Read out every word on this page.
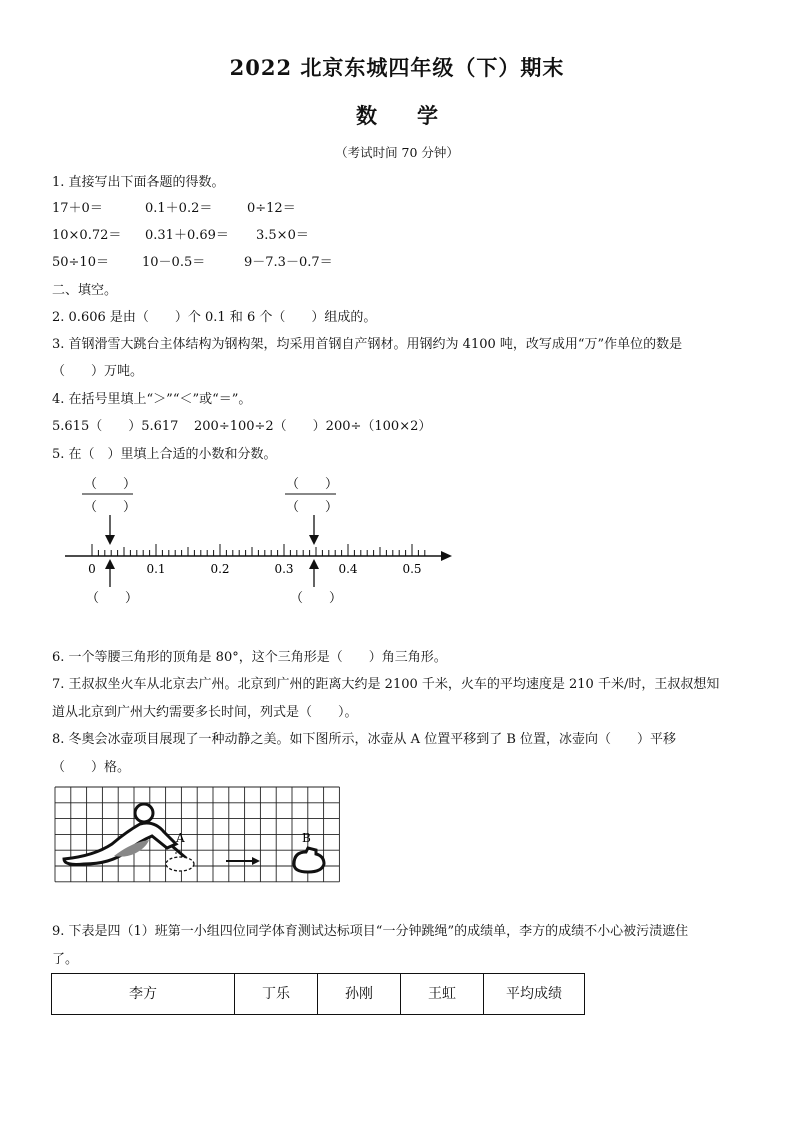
2022 北京东城四年级（下）期末
数学
（考试时间 70 分钟）
1. 直接写出下面各题的得数。
17＋0＝	0.1＋0.2＝	0÷12＝
10×0.72＝ 0.31＋0.69＝ 3.5×0＝
50÷10＝	10－0.5＝	9－7.3－0.7＝
二、填空。
2. 0.606 是由（　　）个 0.1 和 6 个（　　）组成的。
3. 首钢滑雪大跳台主体结构为钢构架，均采用首钢自产钢材。用钢约为 4100 吨，改写成用“万”作单位的数是
（　　）万吨。
4. 在括号里填上“＞”“＜”或“＝”。
5.615（　　）5.617 200÷100÷2（　　）200÷（100×2）
5. 在（　）里填上合适的小数和分数。
（　　）
（　　）
（　　）
（　　）
0	0.1	0.2	0.3	0.4	0.5
（　　）	（　　）
6. 一个等腰三角形的顶角是 80°，这个三角形是（　　）角三角形。
7. 王叔叔坐火车从北京去广州。北京到广州的距离大约是 2100 千米，火车的平均速度是 210 千米/时，王叔叔想知
道从北京到广州大约需要多长时间，列式是（　　）。
8. 冬奥会冰壶项目展现了一种动静之美。如下图所示，冰壶从 A 位置平移到了 B 位置，冰壶向（　　）平移
（　　）格。
A	B
9. 下表是四（1）班第一小组四位同学体育测试达标项目“一分钟跳绳”的成绩单，李方的成绩不小心被污渍遮住
了。
李方	丁乐	孙刚	王虹	平均成绩
